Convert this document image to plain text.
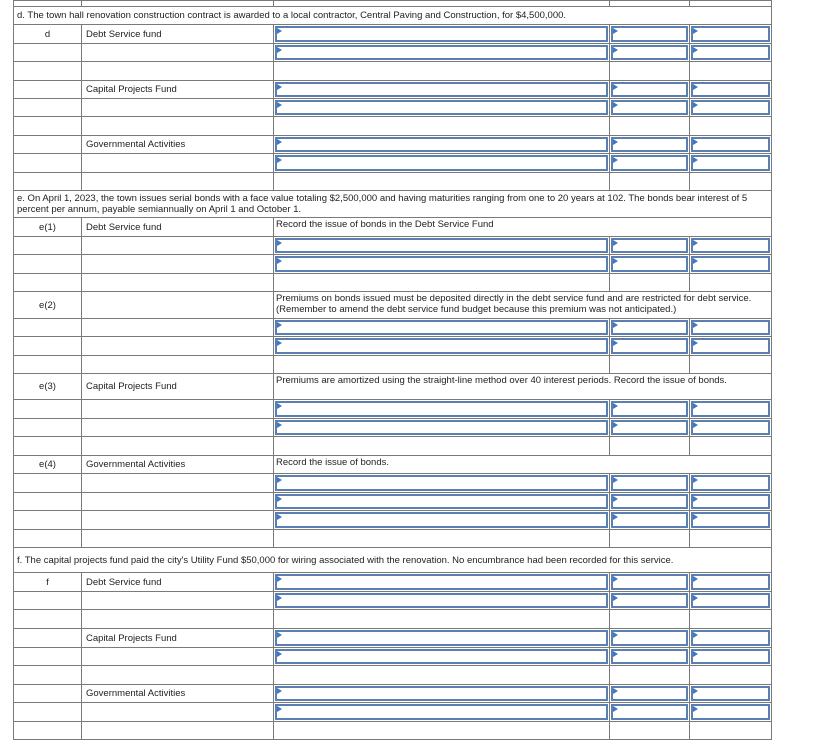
d. The town hall renovation construction contract is awarded to a local contractor, Central Paving and Construction, for $4,500,000.				
d	Debt Service fund	

	Capital Projects Fund	

	Governmental Activities	

e. On April 1, 2023, the town issues serial bonds with a face value totaling $2,500,000 and having maturities ranging from one to 20 years at 102. The bonds bear interest of 5 percent per annum, payable semiannually on April 1 and October 1.				
e(1)	Debt Service fund	Record the issue of bonds in the Debt Service Fund		

e(2)		Premiums on bonds issued must be deposited directly in the debt service fund and are restricted for debt service. (Remember to amend the debt service fund budget because this premium was not anticipated.)		

e(3)	Capital Projects Fund	Premiums are amortized using the straight-line method over 40 interest periods. Record the issue of bonds.		

e(4)	Governmental Activities	Record the issue of bonds.		

f. The capital projects fund paid the city's Utility Fund $50,000 for wiring associated with the renovation. No encumbrance had been recorded for this service.				
f	Debt Service fund	

	Capital Projects Fund	

	Governmental Activities	
